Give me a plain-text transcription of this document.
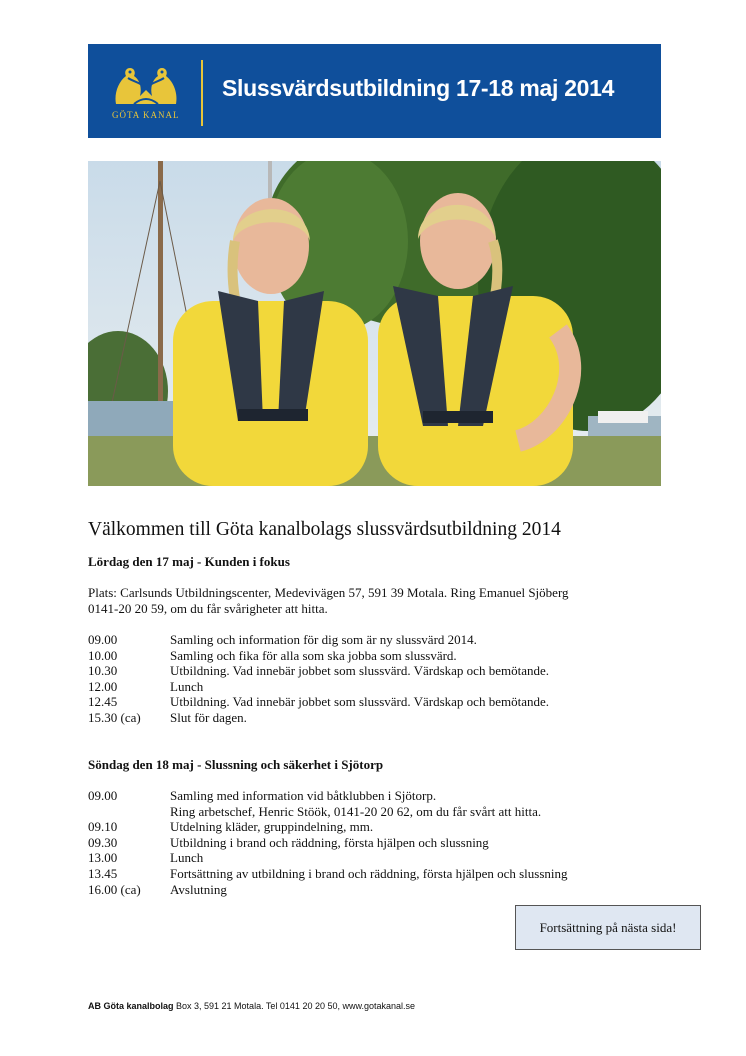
GÖTA KANAL
Slussvärdsutbildning 17-18 maj 2014
Välkommen till Göta kanalbolags slussvärdsutbildning 2014
Lördag den 17 maj - Kunden i fokus

Plats: Carlsunds Utbildningscenter, Medevivägen 57, 591 39 Motala. Ring Emanuel Sjöberg
0141-20 20 59, om du får svårigheter att hitta.

09.00	Samling och information för dig som är ny slussvärd 2014.
10.00	Samling och fika för alla som ska jobba som slussvärd.
10.30	Utbildning. Vad innebär jobbet som slussvärd. Värdskap och bemötande.
12.00	Lunch
12.45	Utbildning. Vad innebär jobbet som slussvärd. Värdskap och bemötande.
15.30 (ca)	Slut för dagen.
Söndag den 18 maj - Slussning och säkerhet i Sjötorp
09.00	Samling med information vid båtklubben i Sjötorp.
Ring arbetschef, Henric Stöök, 0141-20 20 62, om du får svårt att hitta.
09.10	Utdelning kläder, gruppindelning, mm.
09.30	Utbildning i brand och räddning, första hjälpen och slussning
13.00	Lunch
13.45	Fortsättning av utbildning i brand och räddning, första hjälpen och slussning
16.00 (ca)	Avslutning
Fortsättning på nästa sida!
AB Göta kanalbolag Box 3, 591 21 Motala. Tel 0141 20 20 50, www.gotakanal.se
